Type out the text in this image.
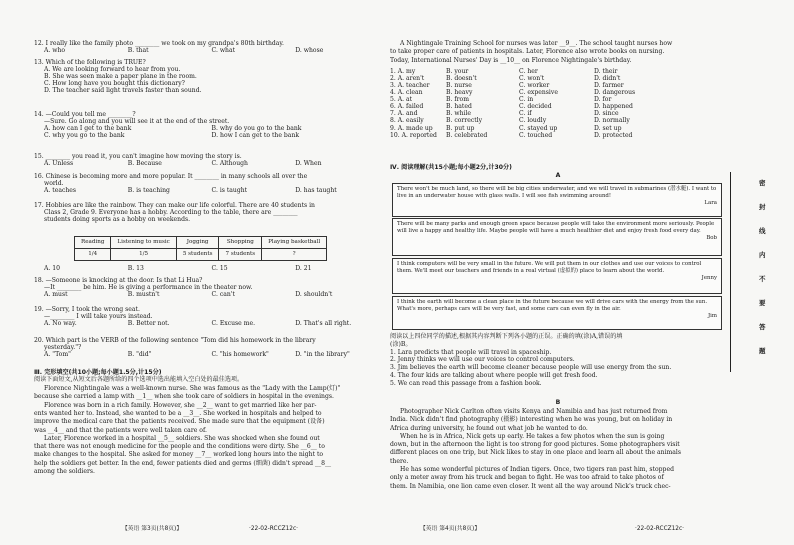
12. I really like the family photo ________ we took on my grandpa's 80th birthday.

A. who	B. that	C. what	D. whose

13. Which of the following is TRUE?

A. We are looking forward to hear from you.

B. She was seen make a paper plane in the room.

C. How long have you bought this dictionary?

D. The teacher said light travels faster than sound.

14. —Could you tell me ________?

—Sure. Go along and you will see it at the end of the street.

A. how can I get to the bank	B. why do you go to the bank
C. why you go to the bank	D. how I can get to the bank

15. ________ you read it, you can't imagine how moving the story is.

A. Unless	B. Because	C. Although	D. When

16. Chinese is becoming more and more popular. It ________ in many schools all over the

world.

A. teaches	B. is teaching	C. is taught	D. has taught

17. Hobbies are like the rainbow. They can make our life colorful. There are 40 students in

Class 2, Grade 9. Everyone has a hobby. According to the table, there are ________

students doing sports as a hobby on weekends.

Reading	Listening to music	Jogging	Shopping	Playing basketball
1/4	1/5	5 students	7 students	?
A. 10	B. 13	C. 15	D. 21

18. —Someone is knocking at the door. Is that Li Hua?

—It ________ be him. He is giving a performance in the theater now.

A. must	B. mustn't	C. can't	D. shouldn't

19. —Sorry, I took the wrong seat.

—________ I will take yours instead.

A. No way.	B. Better not.	C. Excuse me.	D. That's all right.

20. Which part is the VERB of the following sentence "Tom did his homework in the library

yesterday."?

A. "Tom"	B. "did"	C. "his homework"	D. "in the library"

Ⅲ. 完形填空(共10小题;每小题1.5分,计15分)

阅读下面短文,从短文后各题所给的四个选项中选出能填入空白处的最佳选项。

Florence Nightingale was a well-known nurse. She was famous as the "Lady with the Lamp(灯)"

because she carried a lamp with __1__ when she took care of soldiers in hospital in the evenings.

Florence was born in a rich family. However, she __2__ want to get married like her par-

ents wanted her to. Instead, she wanted to be a __3__. She worked in hospitals and helped to

improve the medical care that the patients received. She made sure that the equipment (设备)

was __4__ and that the patients were well taken care of.

Later, Florence worked in a hospital __5__ soldiers. She was shocked when she found out

that there was not enough medicine for the people and the conditions were dirty. She __6__ to

make changes to the hospital. She asked for money __7__ worked long hours into the night to

help the soldiers get better. In the end, fewer patients died and germs (细菌) didn't spread __8__

among the soldiers.

【英语 第3页(共8页)】	·22-02-RCCZ12c·

A Nightingale Training School for nurses was later __9__. The school taught nurses how

to take proper care of patients in hospitals. Later, Florence also wrote books on nursing.

Today, International Nurses' Day is __10__ on Florence Nightingale's birthday.

1. A. my	B. your	C. her	D. their
2. A. aren't	B. doesn't	C. won't	D. didn't
3. A. teacher	B. nurse	C. worker	D. farmer
4. A. clean	B. heavy	C. expensive	D. dangerous
5. A. at	B. from	C. in	D. for
6. A. failed	B. hated	C. decided	D. happened
7. A. and	B. while	C. if	D. since
8. A. easily	B. correctly	C. loudly	D. normally
9. A. made up B. put up	C. stayed up	D. set up
10. A. reported B. celebrated	C. touched	D. protected

Ⅳ. 阅读理解(共15小题;每小题2分,计30分)

A
There won't be much land, so there will be big cities underwater, and we will travel in submarines (潜水艇). I want to live in an underwater house with glass walls. I will see fish swimming around!
Lara
There will be many parks and enough green space because people will take the environment more seriously. People will live a happy and healthy life. Maybe people will have a much healthier diet and enjoy fresh food every day.
Bob
I think computers will be very small in the future. We will put them in our clothes and use our voices to control them. We'll meet our teachers and friends in a real virtual (虚拟的) place to learn about the world.
Jenny
I think the earth will become a clean place in the future because we will drive cars with the energy from the sun. What's more, perhaps cars will be very fast, and some cars can even fly in the air.
Jim

阅读以上四位同学的描述,根据其内容判断下列各小题的正误。正确的填(涂)A,错误的填

(涂)B。

1. Lara predicts that people will travel in spaceship.

2. Jenny thinks we will use our voices to control computers.

3. Jim believes the earth will become cleaner because people will use energy from the sun.

4. The four kids are talking about where people will get fresh food.

5. We can read this passage from a fashion book.

B

Photographer Nick Carlton often visits Kenya and Namibia and has just returned from

India. Nick didn't find photography (摄影) interesting when he was young, but on holiday in

Africa during university, he found out what job he wanted to do.

When he is in Africa, Nick gets up early. He takes a few photos when the sun is going

down, but in the afternoon the light is too strong for good pictures. Some photographers visit

different places on one trip, but Nick likes to stay in one place and learn all about the animals

there.

He has some wonderful pictures of Indian tigers. Once, two tigers ran past him, stopped

only a meter away from his truck and began to fight. He was too afraid to take photos of

them. In Namibia, one lion came even closer. It went all the way around Nick's truck chec-

【英语 第4页(共8页)】	·22-02-RCCZ12c·
密
封
线
内
不
要
答
题
